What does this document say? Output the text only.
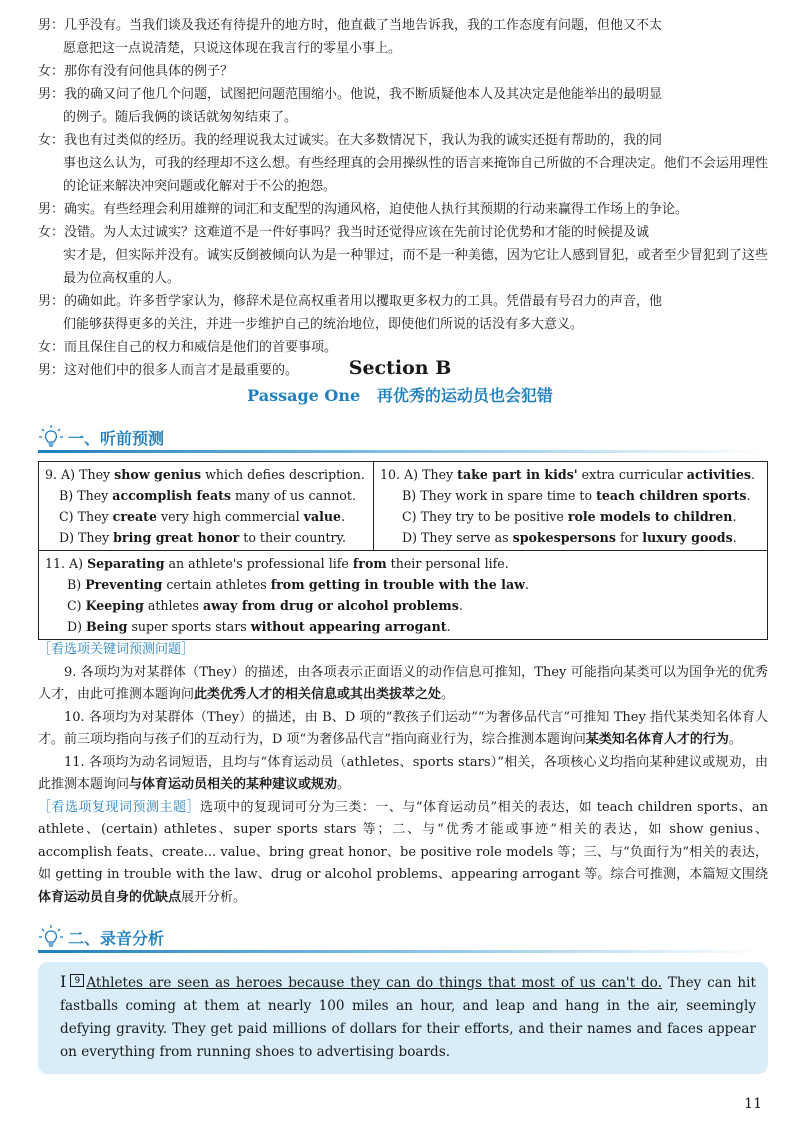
男：几乎没有。当我们谈及我还有待提升的地方时，他直截了当地告诉我，我的工作态度有问题，但他又不太
愿意把这一点说清楚，只说这体现在我言行的零星小事上。

女：那你有没有问他具体的例子？

男：我的确又问了他几个问题，试图把问题范围缩小。他说，我不断质疑他本人及其决定是他能举出的最明显
的例子。随后我俩的谈话就匆匆结束了。

女：我也有过类似的经历。我的经理说我太过诚实。在大多数情况下，我认为我的诚实还挺有帮助的，我的同
事也这么认为，可我的经理却不这么想。有些经理真的会用操纵性的语言来掩饰自己所做的不合理决定。他们不会运用理性的论证来解决冲突问题或化解对于不公的抱怨。

男：确实。有些经理会利用雄辩的词汇和支配型的沟通风格，迫使他人执行其预期的行动来赢得工作场上的争论。

女：没错。为人太过诚实？这难道不是一件好事吗？我当时还觉得应该在先前讨论优势和才能的时候提及诚
实才是，但实际并没有。诚实反倒被倾向认为是一种罪过，而不是一种美德，因为它让人感到冒犯，或者至少冒犯到了这些最为位高权重的人。

男：的确如此。许多哲学家认为，修辞术是位高权重者用以攫取更多权力的工具。凭借最有号召力的声音，他
们能够获得更多的关注，并进一步维护自己的统治地位，即使他们所说的话没有多大意义。

女：而且保住自己的权力和威信是他们的首要事项。

男：这对他们中的很多人而言才是最重要的。	Section B
Passage One 再优秀的运动员也会犯错
一、听前预测
9. A) They show genius which defies description.
B) They accomplish feats many of us cannot.
C) They create very high commercial value.
D) They bring great honor to their country.
10. A) They take part in kids' extra curricular activities.
B) They work in spare time to teach children sports.
C) They try to be positive role models to children.
D) They serve as spokespersons for luxury goods.
11. A) Separating an athlete's professional life from their personal life.
B) Preventing certain athletes from getting in trouble with the law.
C) Keeping athletes away from drug or alcohol problems.
D) Being super sports stars without appearing arrogant.
［看选项关键词预测问题］

9. 各项均为对某群体（They）的描述，由各项表示正面语义的动作信息可推知，They 可能指向某类可以为国争光的优秀人才，由此可推测本题询问此类优秀人才的相关信息或其出类拔萃之处。

10. 各项均为对某群体（They）的描述，由 B、D 项的“教孩子们运动”“为奢侈品代言”可推知 They 指代某类知名体育人才。前三项均指向与孩子们的互动行为，D 项“为奢侈品代言”指向商业行为，综合推测本题询问某类知名体育人才的行为。

11. 各项均为动名词短语，且均与“体育运动员（athletes、sports stars）”相关，各项核心义均指向某种建议或规劝，由此推测本题询问与体育运动员相关的某种建议或规劝。

［看选项复现词预测主题］选项中的复现词可分为三类：一、与“体育运动员”相关的表达，如 teach children sports、an athlete、(certain) athletes、super sports stars 等；二、与“优秀才能或事迹”相关的表达，如 show genius、accomplish feats、create... value、bring great honor、be positive role models 等；三、与“负面行为”相关的表达，如 getting in trouble with the law、drug or alcohol problems、appearing arrogant 等。综合可推测，本篇短文围绕体育运动员自身的优缺点展开分析。

二、录音分析
I 9 Athletes are seen as heroes because they can do things that most of us can't do. They can hit fastballs coming at them at nearly 100 miles an hour, and leap and hang in the air, seemingly defying gravity. They get paid millions of dollars for their efforts, and their names and faces appear on everything from running shoes to advertising boards.
11
